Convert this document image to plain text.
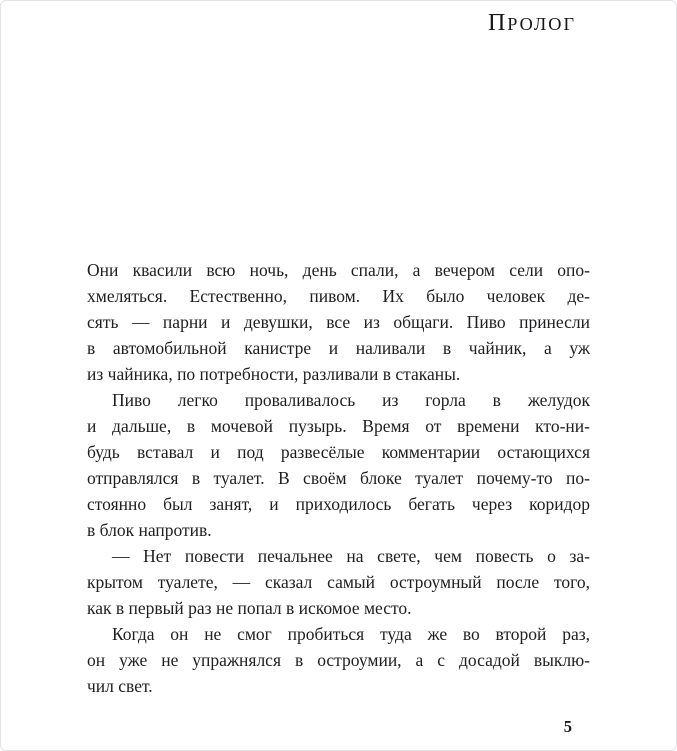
ПРОЛОГ
Они квасили всю ночь, день спали, а вечером сели опо-
хмеляться. Естественно, пивом. Их было человек де-
сять — парни и девушки, все из общаги. Пиво принесли
в автомобильной канистре и наливали в чайник, а уж
из чайника, по потребности, разливали в стаканы.
Пиво легко проваливалось из горла в желудок
и дальше, в мочевой пузырь. Время от времени кто-ни-
будь вставал и под развесёлые комментарии остающихся
отправлялся в туалет. В своём блоке туалет почему-то по-
стоянно был занят, и приходилось бегать через коридор
в блок напротив.
— Нет повести печальнее на свете, чем повесть о за-
крытом туалете, — сказал самый остроумный после того,
как в первый раз не попал в искомое место.
Когда он не смог пробиться туда же во второй раз,
он уже не упражнялся в остроумии, а с досадой выклю-
чил свет.
5
